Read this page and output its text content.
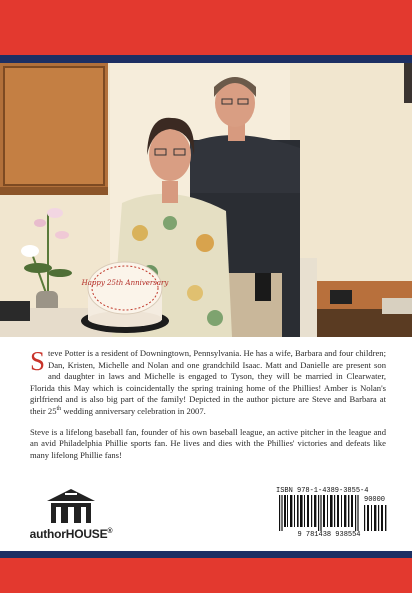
Happy 25th Anniversary

Steve Potter is a resident of Downingtown, Pennsylvania. He has a wife, Barbara and four children; Dan, Kristen, Michelle and Nolan and one grandchild Isaac. Matt and Danielle are present son and daughter in laws and Michelle is engaged to Tyson, they will be married in Clearwater, Florida this May which is coincidentally the spring training home of the Phillies! Amber is Nolan's girlfriend and is also big part of the family! Depicted in the author picture are Steve and Barbara at their 25th wedding anniversary celebration in 2007.

Steve is a lifelong baseball fan, founder of his own baseball league, an active pitcher in the league and an avid Philadelphia Phillie sports fan. He lives and dies with the Phillies' victories and defeats like many lifelong Phillie fans!

authorHOUSE®
ISBN 978-1-4389-3855-4
90000
9 781438 938554
